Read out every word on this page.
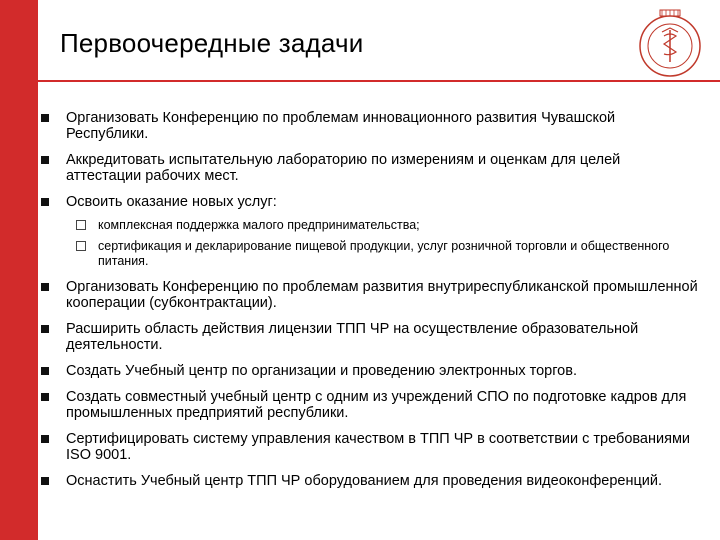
Первоочередные задачи
Организовать Конференцию по проблемам инновационного развития Чувашской Республики.
Аккредитовать испытательную лабораторию по измерениям и оценкам для целей аттестации рабочих мест.
Освоить оказание новых услуг:
комплексная поддержка малого предпринимательства;
сертификация и декларирование пищевой продукции, услуг розничной торговли и общественного питания.
Организовать Конференцию по проблемам развития внутриреспубликанской промышленной кооперации (субконтрактации).
Расширить область действия лицензии ТПП ЧР на осуществление образовательной деятельности.
Создать Учебный центр по организации и проведению электронных торгов.
Создать совместный учебный центр с одним из учреждений СПО по подготовке кадров для промышленных предприятий республики.
Сертифицировать систему управления качеством в ТПП ЧР в соответствии с требованиями ISO 9001.
Оснастить Учебный центр ТПП ЧР оборудованием для проведения видеоконференций.
